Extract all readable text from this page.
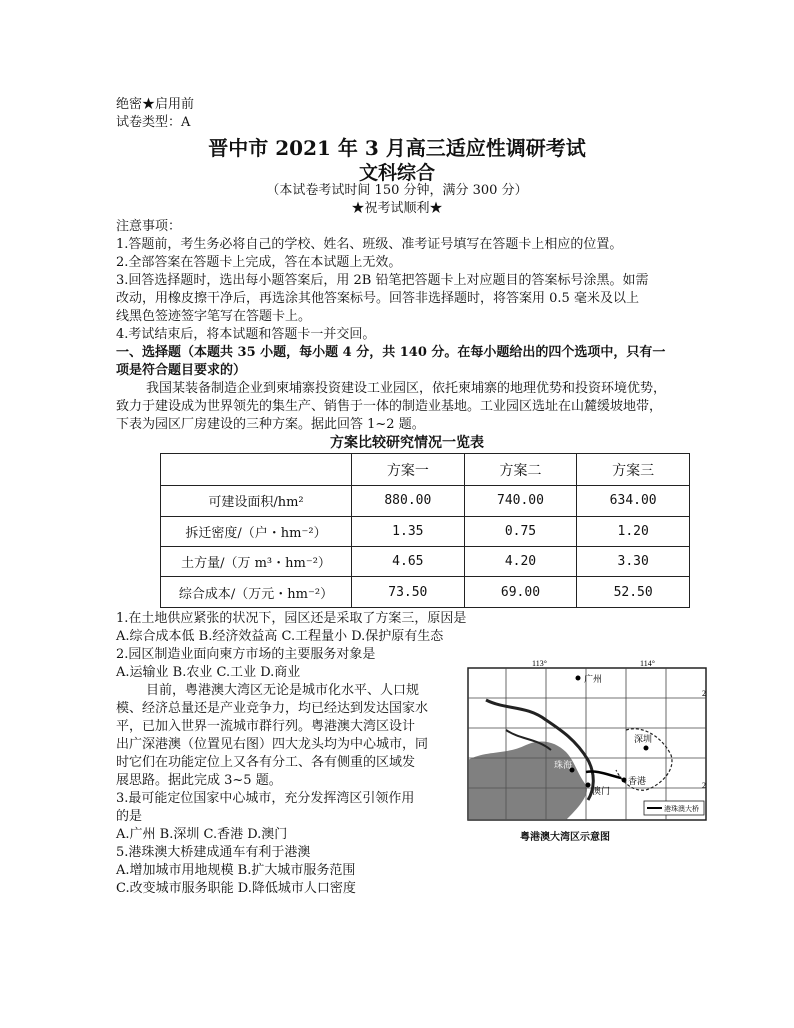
绝密★启用前
试卷类型：A
晋中市 2021 年 3 月高三适应性调研考试
文科综合
（本试卷考试时间 150 分钟，满分 300 分）
★祝考试顺利★
注意事项：
1.答题前，考生务必将自己的学校、姓名、班级、准考证号填写在答题卡上相应的位置。
2.全部答案在答题卡上完成，答在本试题上无效。
3.回答选择题时，选出每小题答案后，用 2B 铅笔把答题卡上对应题目的答案标号涂黑。如需
改动，用橡皮擦干净后，再选涂其他答案标号。回答非选择题时，将答案用 0.5 毫米及以上
线黑色签迹签字笔写在答题卡上。
4.考试结束后，将本试题和答题卡一并交回。
一、选择题（本题共 35 小题，每小题 4 分，共 140 分。在每小题给出的四个选项中，只有一
项是符合题目要求的）
我国某装备制造企业到柬埔寨投资建设工业园区，依托柬埔寨的地理优势和投资环境优势，
致力于建设成为世界领先的集生产、销售于一体的制造业基地。工业园区选址在山麓缓坡地带，
下表为园区厂房建设的三种方案。据此回答 1~2 题。
方案比较研究情况一览表
	方案一	方案二	方案三
可建设面积/hm²	880.00	740.00	634.00
拆迁密度/（户・hm⁻²）	1.35	0.75	1.20
土方量/（万 m³・hm⁻²）	4.65	4.20	3.30
综合成本/（万元・hm⁻²）	73.50	69.00	52.50
1.在土地供应紧张的状况下，园区还是采取了方案三，原因是
A.综合成本低 B.经济效益高 C.工程量小 D.保护原有生态
2.园区制造业面向柬方市场的主要服务对象是
A.运输业 B.农业 C.工业 D.商业
目前，粤港澳大湾区无论是城市化水平、人口规
模、经济总量还是产业竞争力，均已经达到发达国家水
平，已加入世界一流城市群行列。粤港澳大湾区设计
出广深港澳（位置见右图）四大龙头均为中心城市，同
时它们在功能定位上又各有分工、各有侧重的区域发
展思路。据此完成 3~5 题。
3.最可能定位国家中心城市，充分发挥湾区引领作用
的是
A.广州 B.深圳 C.香港 D.澳门
5.港珠澳大桥建成通车有利于港澳
A.增加城市用地规模 B.扩大城市服务范围
C.改变城市服务职能 D.降低城市人口密度
113°	114°
2
2
广州
深圳
珠海
澳门
香港
港珠澳大桥
粤港澳大湾区示意图
